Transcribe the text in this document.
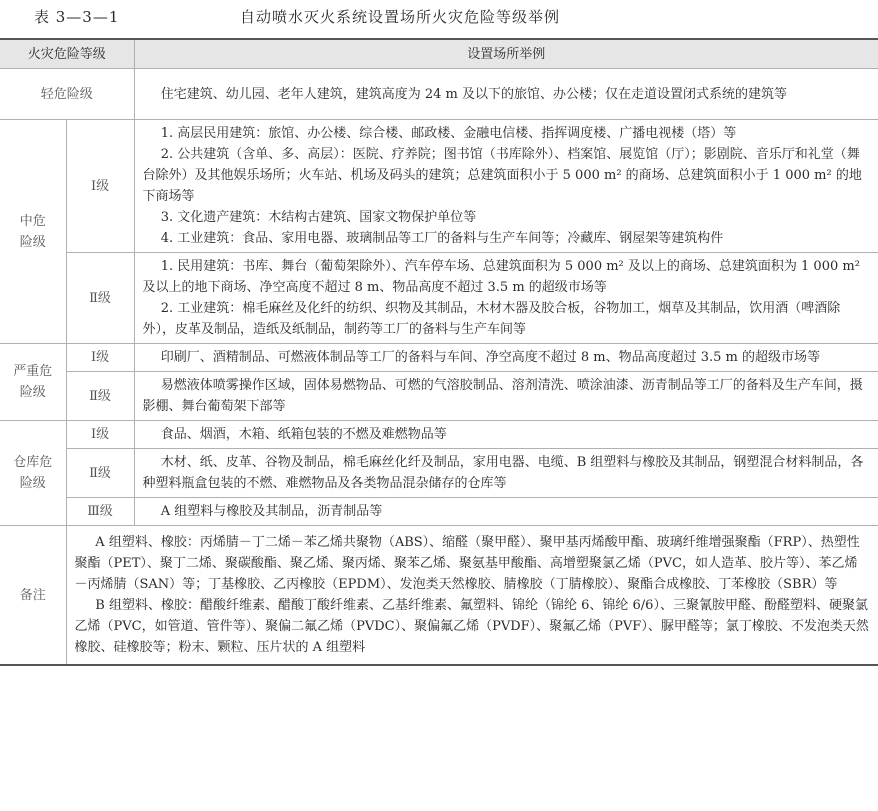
表 3—3—1	自动喷水灭火系统设置场所火灾危险等级举例
火灾危险等级		设置场所举例
轻危险级		住宅建筑、幼儿园、老年人建筑，建筑高度为 24 m 及以下的旅馆、办公楼；仅在走道设置闭式系统的建筑等

中危险级	Ⅰ级	1. 高层民用建筑：旅馆、办公楼、综合楼、邮政楼、金融电信楼、指挥调度楼、广播电视楼（塔）等

2. 公共建筑（含单、多、高层）：医院、疗养院；图书馆（书库除外）、档案馆、展览馆（厅）；影剧院、音乐厅和礼堂（舞台除外）及其他娱乐场所；火车站、机场及码头的建筑；总建筑面积小于 5 000 m² 的商场、总建筑面积小于 1 000 m² 的地下商场等

3. 文化遗产建筑：木结构古建筑、国家文物保护单位等

4. 工业建筑：食品、家用电器、玻璃制品等工厂的备料与生产车间等；冷藏库、钢屋架等建筑构件

	Ⅱ级	1. 民用建筑：书库、舞台（葡萄架除外）、汽车停车场、总建筑面积为 5 000 m² 及以上的商场、总建筑面积为 1 000 m² 及以上的地下商场、净空高度不超过 8 m、物品高度不超过 3.5 m 的超级市场等

2. 工业建筑：棉毛麻丝及化纤的纺织、织物及其制品，木材木器及胶合板，谷物加工，烟草及其制品，饮用酒（啤酒除外），皮革及制品，造纸及纸制品，制药等工厂的备料与生产车间等

严重危险级	Ⅰ级	印刷厂、酒精制品、可燃液体制品等工厂的备料与车间、净空高度不超过 8 m、物品高度超过 3.5 m 的超级市场等

	Ⅱ级	易燃液体喷雾操作区域，固体易燃物品、可燃的气溶胶制品、溶剂清洗、喷涂油漆、沥青制品等工厂的备料及生产车间，摄影棚、舞台葡萄架下部等

仓库危险级	Ⅰ级	食品、烟酒，木箱、纸箱包装的不燃及难燃物品等

	Ⅱ级	木材、纸、皮革、谷物及制品，棉毛麻丝化纤及制品，家用电器、电缆、B 组塑料与橡胶及其制品，钢塑混合材料制品，各种塑料瓶盒包装的不燃、难燃物品及各类物品混杂储存的仓库等

	Ⅲ级	A 组塑料与橡胶及其制品，沥青制品等

备注	A 组塑料、橡胶：丙烯腈－丁二烯－苯乙烯共聚物（ABS）、缩醛（聚甲醛）、聚甲基丙烯酸甲酯、玻璃纤维增强聚酯（FRP）、热塑性聚酯（PET）、聚丁二烯、聚碳酸酯、聚乙烯、聚丙烯、聚苯乙烯、聚氨基甲酸酯、高增塑聚氯乙烯（PVC，如人造革、胶片等）、苯乙烯－丙烯腈（SAN）等；丁基橡胶、乙丙橡胶（EPDM）、发泡类天然橡胶、腈橡胶（丁腈橡胶）、聚酯合成橡胶、丁苯橡胶（SBR）等

B 组塑料、橡胶：醋酸纤维素、醋酸丁酸纤维素、乙基纤维素、氟塑料、锦纶（锦纶 6、锦纶 6/6）、三聚氰胺甲醛、酚醛塑料、硬聚氯乙烯（PVC，如管道、管件等）、聚偏二氟乙烯（PVDC）、聚偏氟乙烯（PVDF）、聚氟乙烯（PVF）、脲甲醛等；氯丁橡胶、不发泡类天然橡胶、硅橡胶等；粉末、颗粒、压片状的 A 组塑料	
